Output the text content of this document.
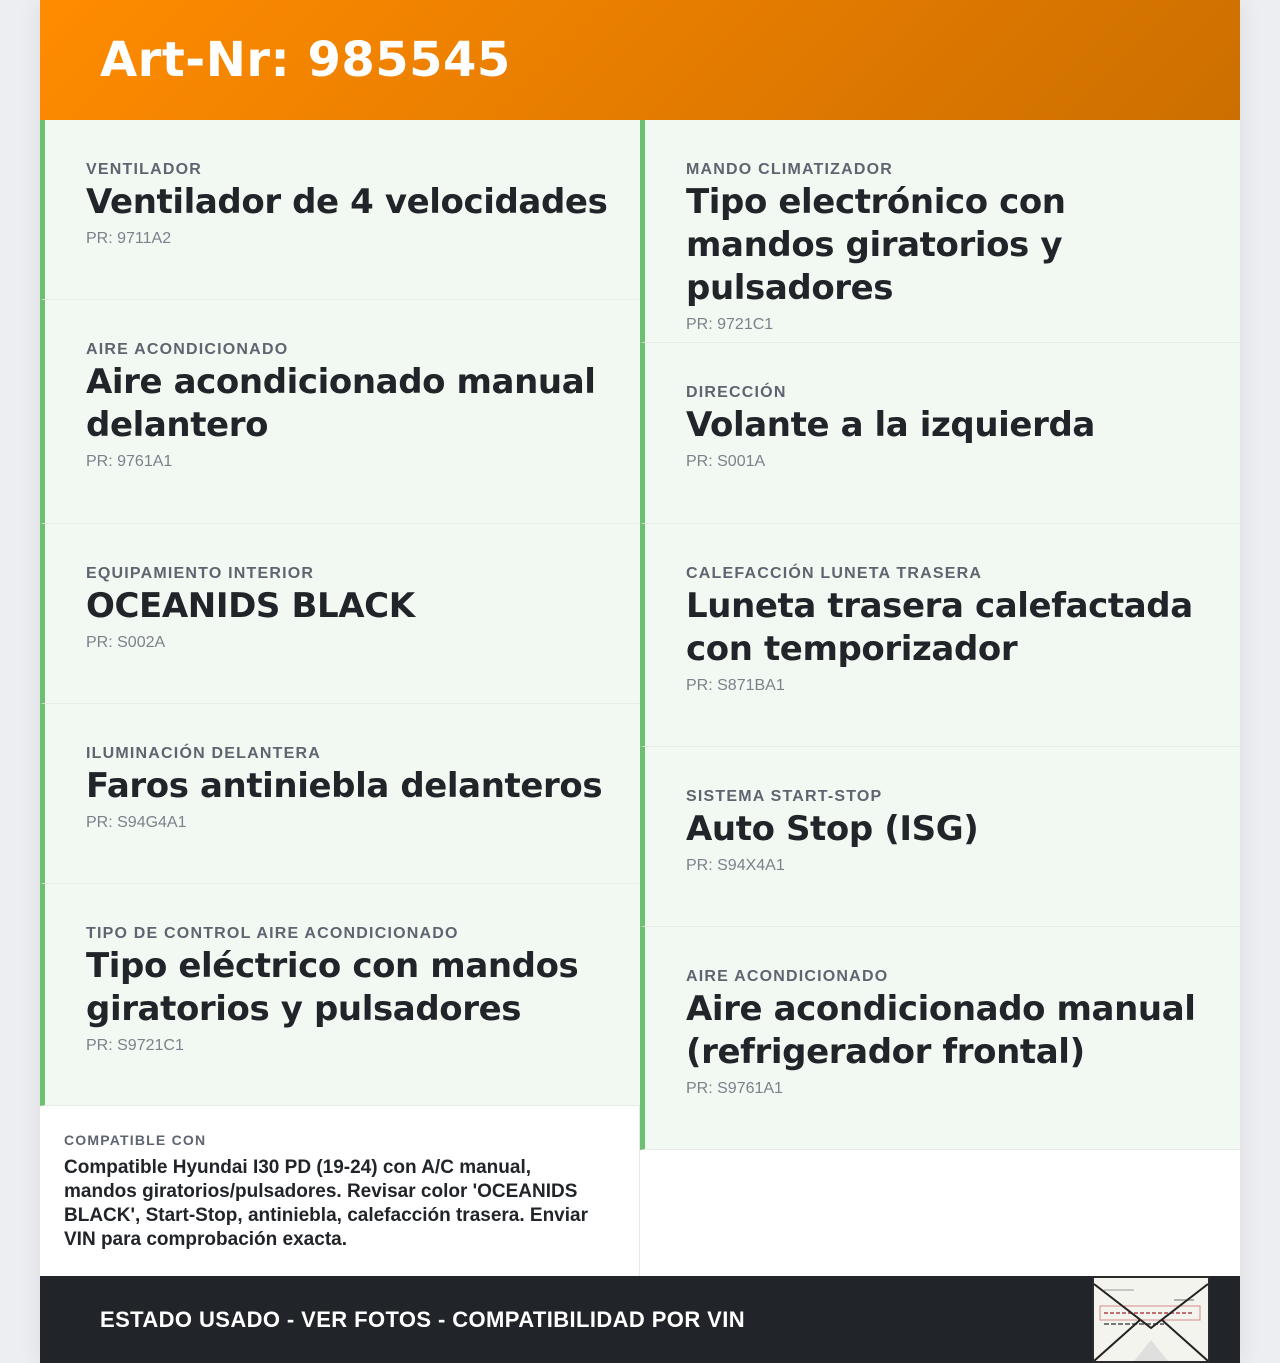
Art-Nr: 985545
VENTILADOR
Ventilador de 4 velocidades
PR: 9711A2
AIRE ACONDICIONADO
Aire acondicionado manual delantero
PR: 9761A1
EQUIPAMIENTO INTERIOR
OCEANIDS BLACK
PR: S002A
ILUMINACIÓN DELANTERA
Faros antiniebla delanteros
PR: S94G4A1
TIPO DE CONTROL AIRE ACONDICIONADO
Tipo eléctrico con mandos giratorios y pulsadores
PR: S9721C1
MANDO CLIMATIZADOR
Tipo electrónico con mandos giratorios y pulsadores
PR: 9721C1
DIRECCIÓN
Volante a la izquierda
PR: S001A
CALEFACCIÓN LUNETA TRASERA
Luneta trasera calefactada con temporizador
PR: S871BA1
SISTEMA START-STOP
Auto Stop (ISG)
PR: S94X4A1
AIRE ACONDICIONADO
Aire acondicionado manual (refrigerador frontal)
PR: S9761A1
COMPATIBLE CON
Compatible Hyundai I30 PD (19-24) con A/C manual, mandos giratorios/pulsadores. Revisar color 'OCEANIDS BLACK', Start-Stop, antiniebla, calefacción trasera. Enviar VIN para comprobación exacta.
ESTADO USADO - VER FOTOS - COMPATIBILIDAD POR VIN
